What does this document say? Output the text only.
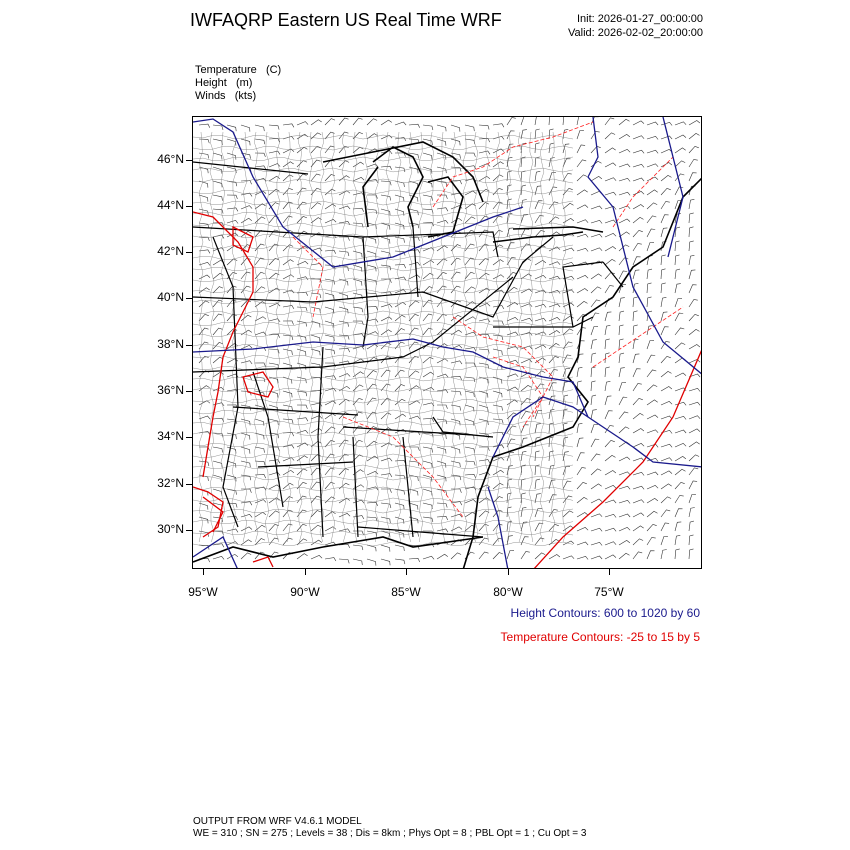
IWFAQRP Eastern US Real Time WRF	Init: 2026-01-27_00:00:00
Valid: 2026-02-02_20:00:00
Temperature (C)
Height (m)
Winds (kts)
46°N
44°N
42°N
40°N
38°N
36°N
34°N
32°N
30°N
95°W	90°W	85°W	80°W	75°W
Height Contours: 600 to 1020 by 60
Temperature Contours: -25 to 15 by 5
OUTPUT FROM WRF V4.6.1 MODEL
WE = 310 ; SN = 275 ; Levels = 38 ; Dis = 8km ; Phys Opt = 8 ; PBL Opt = 1 ; Cu Opt = 3
